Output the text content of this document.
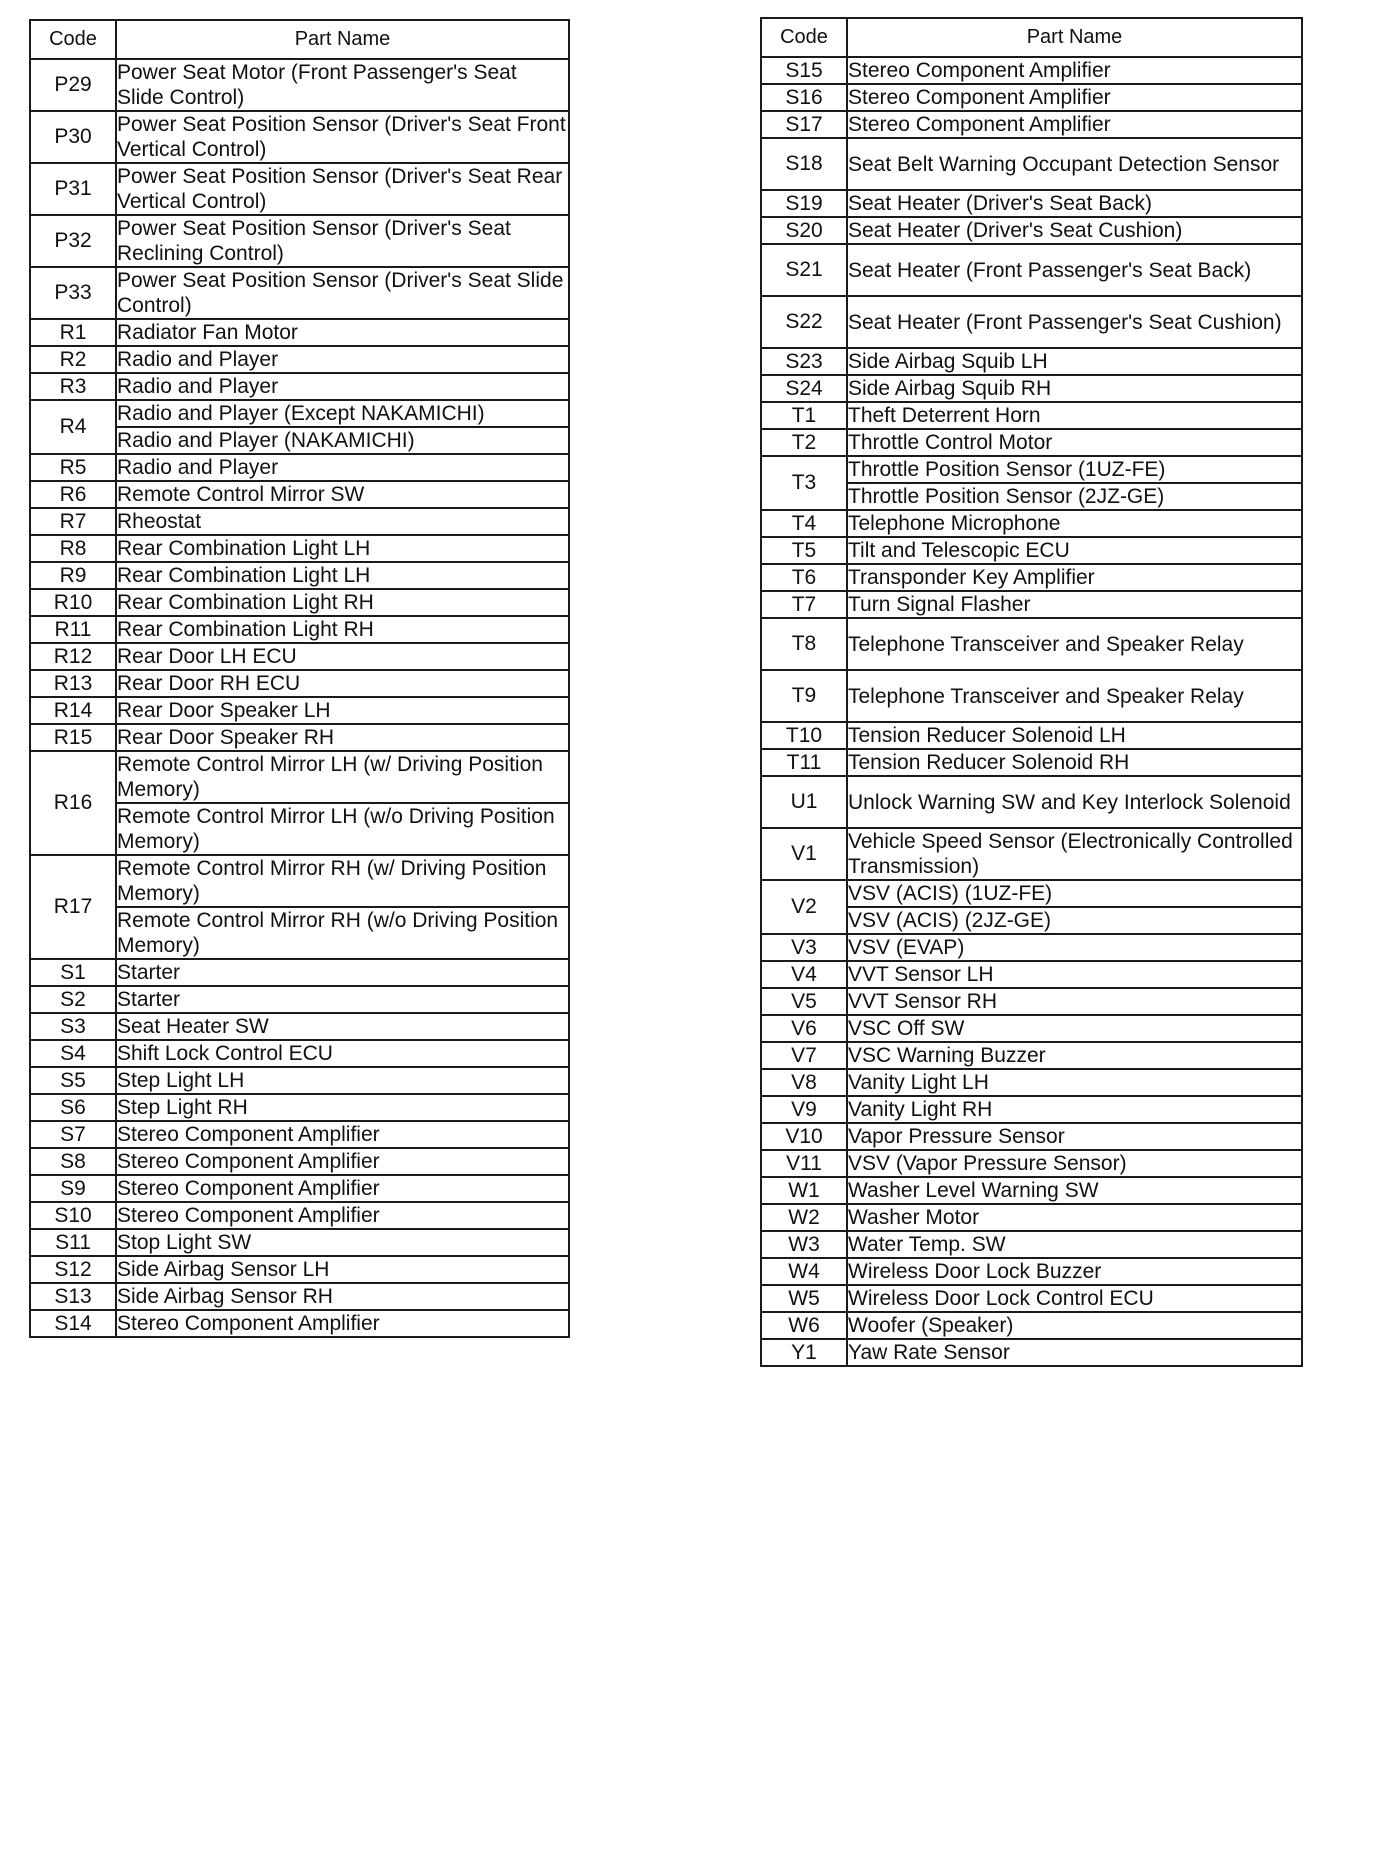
Code	Part Name
P29	Power Seat Motor (Front Passenger's Seat Slide Control)
P30	Power Seat Position Sensor (Driver's Seat Front Vertical Control)
P31	Power Seat Position Sensor (Driver's Seat Rear Vertical Control)
P32	Power Seat Position Sensor (Driver's Seat Reclining Control)
P33	Power Seat Position Sensor (Driver's Seat Slide Control)
R1	Radiator Fan Motor
R2	Radio and Player
R3	Radio and Player
R4	Radio and Player (Except NAKAMICHI)
	Radio and Player (NAKAMICHI)
R5	Radio and Player
R6	Remote Control Mirror SW
R7	Rheostat
R8	Rear Combination Light LH
R9	Rear Combination Light LH
R10	Rear Combination Light RH
R11	Rear Combination Light RH
R12	Rear Door LH ECU
R13	Rear Door RH ECU
R14	Rear Door Speaker LH
R15	Rear Door Speaker RH
R16	Remote Control Mirror LH (w/ Driving Position Memory)
	Remote Control Mirror LH (w/o Driving Position Memory)
R17	Remote Control Mirror RH (w/ Driving Position Memory)
	Remote Control Mirror RH (w/o Driving Position Memory)
S1	Starter
S2	Starter
S3	Seat Heater SW
S4	Shift Lock Control ECU
S5	Step Light LH
S6	Step Light RH
S7	Stereo Component Amplifier
S8	Stereo Component Amplifier
S9	Stereo Component Amplifier
S10	Stereo Component Amplifier
S11	Stop Light SW
S12	Side Airbag Sensor LH
S13	Side Airbag Sensor RH
S14	Stereo Component Amplifier
Code	Part Name
S15	Stereo Component Amplifier
S16	Stereo Component Amplifier
S17	Stereo Component Amplifier
S18	Seat Belt Warning Occupant Detection Sensor
S19	Seat Heater (Driver's Seat Back)
S20	Seat Heater (Driver's Seat Cushion)
S21	Seat Heater (Front Passenger's Seat Back)
S22	Seat Heater (Front Passenger's Seat Cushion)
S23	Side Airbag Squib LH
S24	Side Airbag Squib RH
T1	Theft Deterrent Horn
T2	Throttle Control Motor
T3	Throttle Position Sensor (1UZ-FE)
	Throttle Position Sensor (2JZ-GE)
T4	Telephone Microphone
T5	Tilt and Telescopic ECU
T6	Transponder Key Amplifier
T7	Turn Signal Flasher
T8	Telephone Transceiver and Speaker Relay
T9	Telephone Transceiver and Speaker Relay
T10	Tension Reducer Solenoid LH
T11	Tension Reducer Solenoid RH
U1	Unlock Warning SW and Key Interlock Solenoid
V1	Vehicle Speed Sensor (Electronically Controlled Transmission)
V2	VSV (ACIS) (1UZ-FE)
	VSV (ACIS) (2JZ-GE)
V3	VSV (EVAP)
V4	VVT Sensor LH
V5	VVT Sensor RH
V6	VSC Off SW
V7	VSC Warning Buzzer
V8	Vanity Light LH
V9	Vanity Light RH
V10	Vapor Pressure Sensor
V11	VSV (Vapor Pressure Sensor)
W1	Washer Level Warning SW
W2	Washer Motor
W3	Water Temp. SW
W4	Wireless Door Lock Buzzer
W5	Wireless Door Lock Control ECU
W6	Woofer (Speaker)
Y1	Yaw Rate Sensor
